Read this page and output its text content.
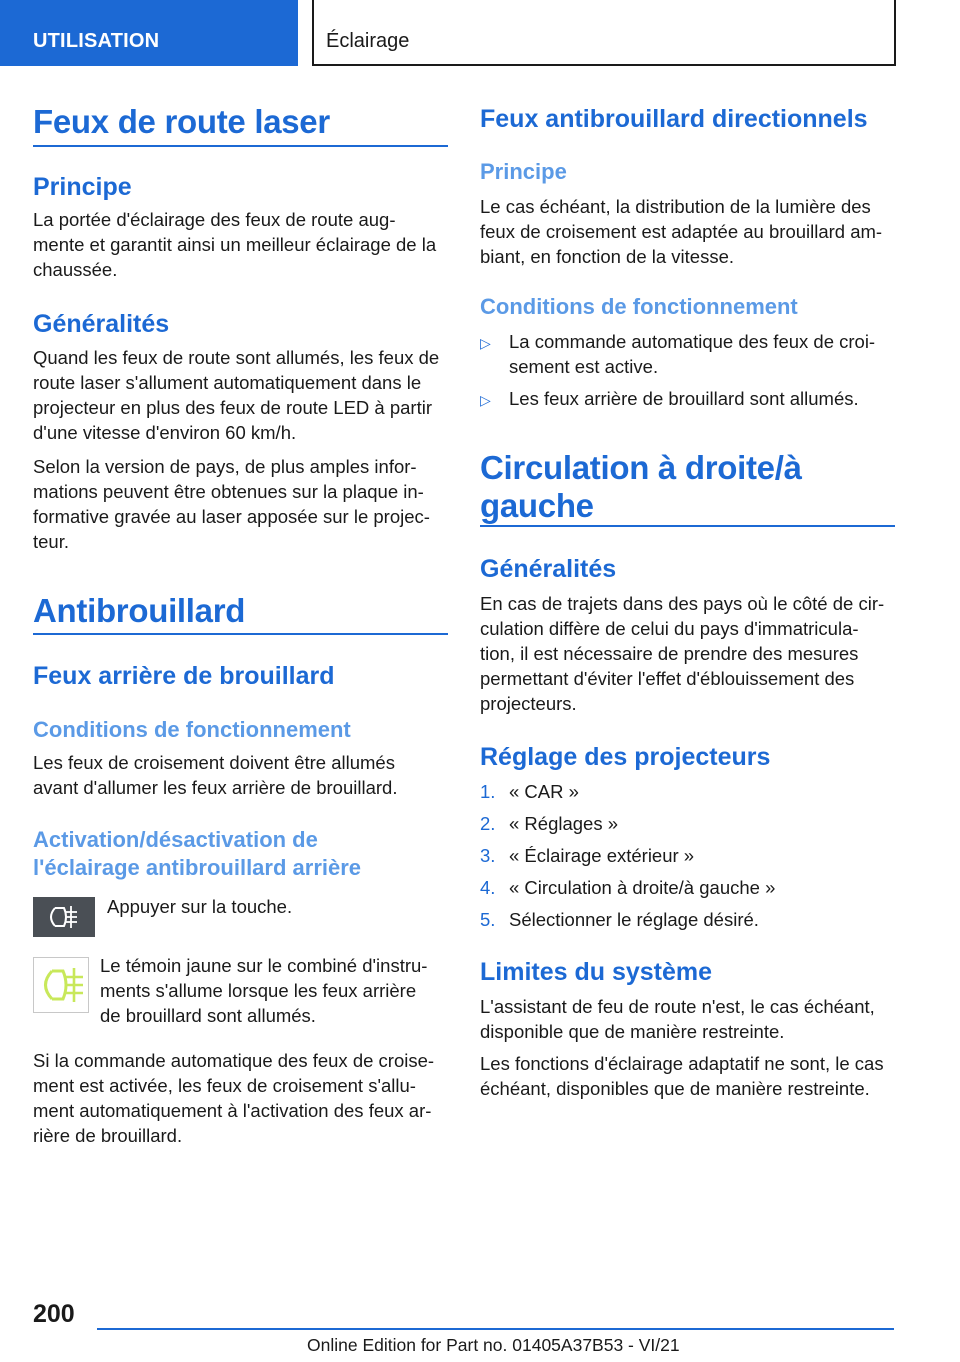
UTILISATION	Éclairage
Feux de route laser
Principe

La portée d'éclairage des feux de route aug-
mente et garantit ainsi un meilleur éclairage de la
chaussée.

Généralités

Quand les feux de route sont allumés, les feux de
route laser s'allument automatiquement dans le
projecteur en plus des feux de route LED à partir
d'une vitesse d'environ 60 km/h.

Selon la version de pays, de plus amples infor-
mations peuvent être obtenues sur la plaque in-
formative gravée au laser apposée sur le projec-
teur.

Antibrouillard
Feux arrière de brouillard
Conditions de fonctionnement

Les feux de croisement doivent être allumés
avant d'allumer les feux arrière de brouillard.

Activation/désactivation de
l'éclairage antibrouillard arrière

Appuyer sur la touche.

Le témoin jaune sur le combiné d'instru-
ments s'allume lorsque les feux arrière
de brouillard sont allumés.

Si la commande automatique des feux de croise-
ment est activée, les feux de croisement s'allu-
ment automatiquement à l'activation des feux ar-
rière de brouillard.

Feux antibrouillard directionnels
Principe

Le cas échéant, la distribution de la lumière des
feux de croisement est adaptée au brouillard am-
biant, en fonction de la vitesse.

Conditions de fonctionnement
▷ La commande automatique des feux de croi-
sement est active.
▷ Les feux arrière de brouillard sont allumés.
Circulation à droite/à
gauche
Généralités

En cas de trajets dans des pays où le côté de cir-
culation diffère de celui du pays d'immatricula-
tion, il est nécessaire de prendre des mesures
permettant d'éviter l'effet d'éblouissement des
projecteurs.

Réglage des projecteurs
1. « CAR »
2. « Réglages »
3. « Éclairage extérieur »
4. « Circulation à droite/à gauche »
5. Sélectionner le réglage désiré.
Limites du système

L'assistant de feu de route n'est, le cas échéant,
disponible que de manière restreinte.

Les fonctions d'éclairage adaptatif ne sont, le cas
échéant, disponibles que de manière restreinte.

200
Online Edition for Part no. 01405A37B53 - VI/21
